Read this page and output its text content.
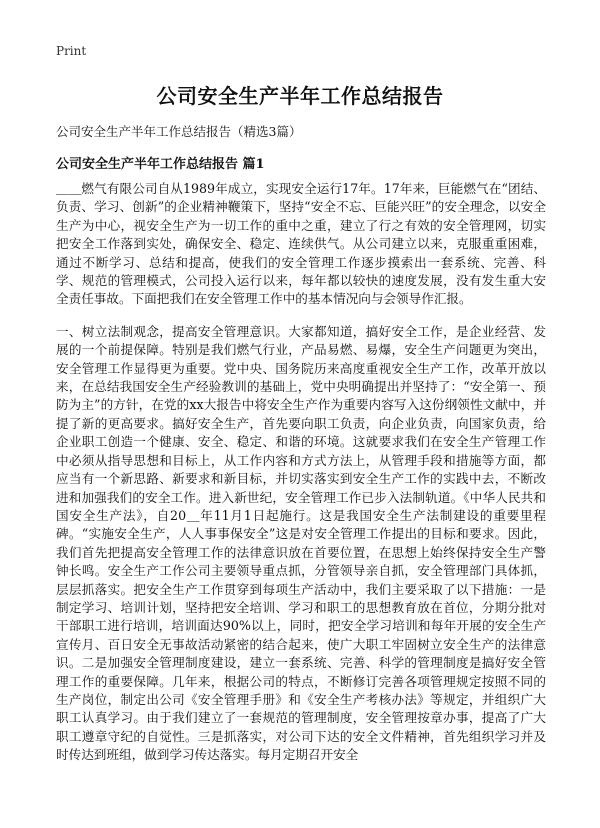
Print
公司安全生产半年工作总结报告
公司安全生产半年工作总结报告（精选3篇）
公司安全生产半年工作总结报告 篇1

＿＿燃气有限公司自从1989年成立，实现安全运行17年。17年来，巨能燃气在“团结、负责、学习、创新”的企业精神鞭策下，坚持“安全不忘、巨能兴旺”的安全理念，以安全生产为中心，视安全生产为一切工作的重中之重，建立了行之有效的安全管理网，切实把安全工作落到实处，确保安全、稳定、连续供气。从公司建立以来，克服重重困难，通过不断学习、总结和提高，使我们的安全管理工作逐步摸索出一套系统、完善、科学、规范的管理模式，公司投入运行以来，每年都以较快的速度发展，没有发生重大安全责任事故。下面把我们在安全管理工作中的基本情况向与会领导作汇报。

一、树立法制观念，提高安全管理意识。大家都知道，搞好安全工作，是企业经营、发展的一个前提保障。特别是我们燃气行业，产品易燃、易爆，安全生产问题更为突出，安全管理工作显得更为重要。党中央、国务院历来高度重视安全生产工作，改革开放以来，在总结我国安全生产经验教训的基础上，党中央明确提出并坚持了：“安全第一、预防为主”的方针，在党的xx大报告中将安全生产作为重要内容写入这份纲领性文献中，并提了新的更高要求。搞好安全生产，首先要向职工负责，向企业负责，向国家负责，给企业职工创造一个健康、安全、稳定、和谐的环境。这就要求我们在安全生产管理工作中必须从指导思想和目标上，从工作内容和方式方法上，从管理手段和措施等方面，都应当有一个新思路、新要求和新目标，并切实落实到安全生产工作的实践中去，不断改进和加强我们的安全工作。进入新世纪，安全管理工作已步入法制轨道。《中华人民共和国安全生产法》，自20＿年11月1日起施行。这是我国安全生产法制建设的重要里程碑。“实施安全生产，人人事事保安全”这是对安全管理工作提出的目标和要求。因此，我们首先把提高安全管理工作的法律意识放在首要位置，在思想上始终保持安全生产警钟长鸣。安全生产工作公司主要领导重点抓，分管领导亲自抓，安全管理部门具体抓，层层抓落实。把安全生产工作贯穿到每项生产活动中，我们主要采取了以下措施：一是制定学习、培训计划，坚持把安全培训、学习和职工的思想教育放在首位，分期分批对干部职工进行培训，培训面达90%以上，同时，把安全学习培训和每年开展的安全生产宣传月、百日安全无事故活动紧密的结合起来，使广大职工牢固树立安全生产的法律意识。二是加强安全管理制度建设，建立一套系统、完善、科学的管理制度是搞好安全管理工作的重要保障。几年来，根据公司的特点，不断修订完善各项管理规定按照不同的生产岗位，制定出公司《安全管理手册》和《安全生产考核办法》等规定，并组织广大职工认真学习。由于我们建立了一套规范的管理制度，安全管理按章办事，提高了广大职工遵章守纪的自觉性。三是抓落实，对公司下达的安全文件精神，首先组织学习并及时传达到班组，做到学习传达落实。每月定期召开安全
